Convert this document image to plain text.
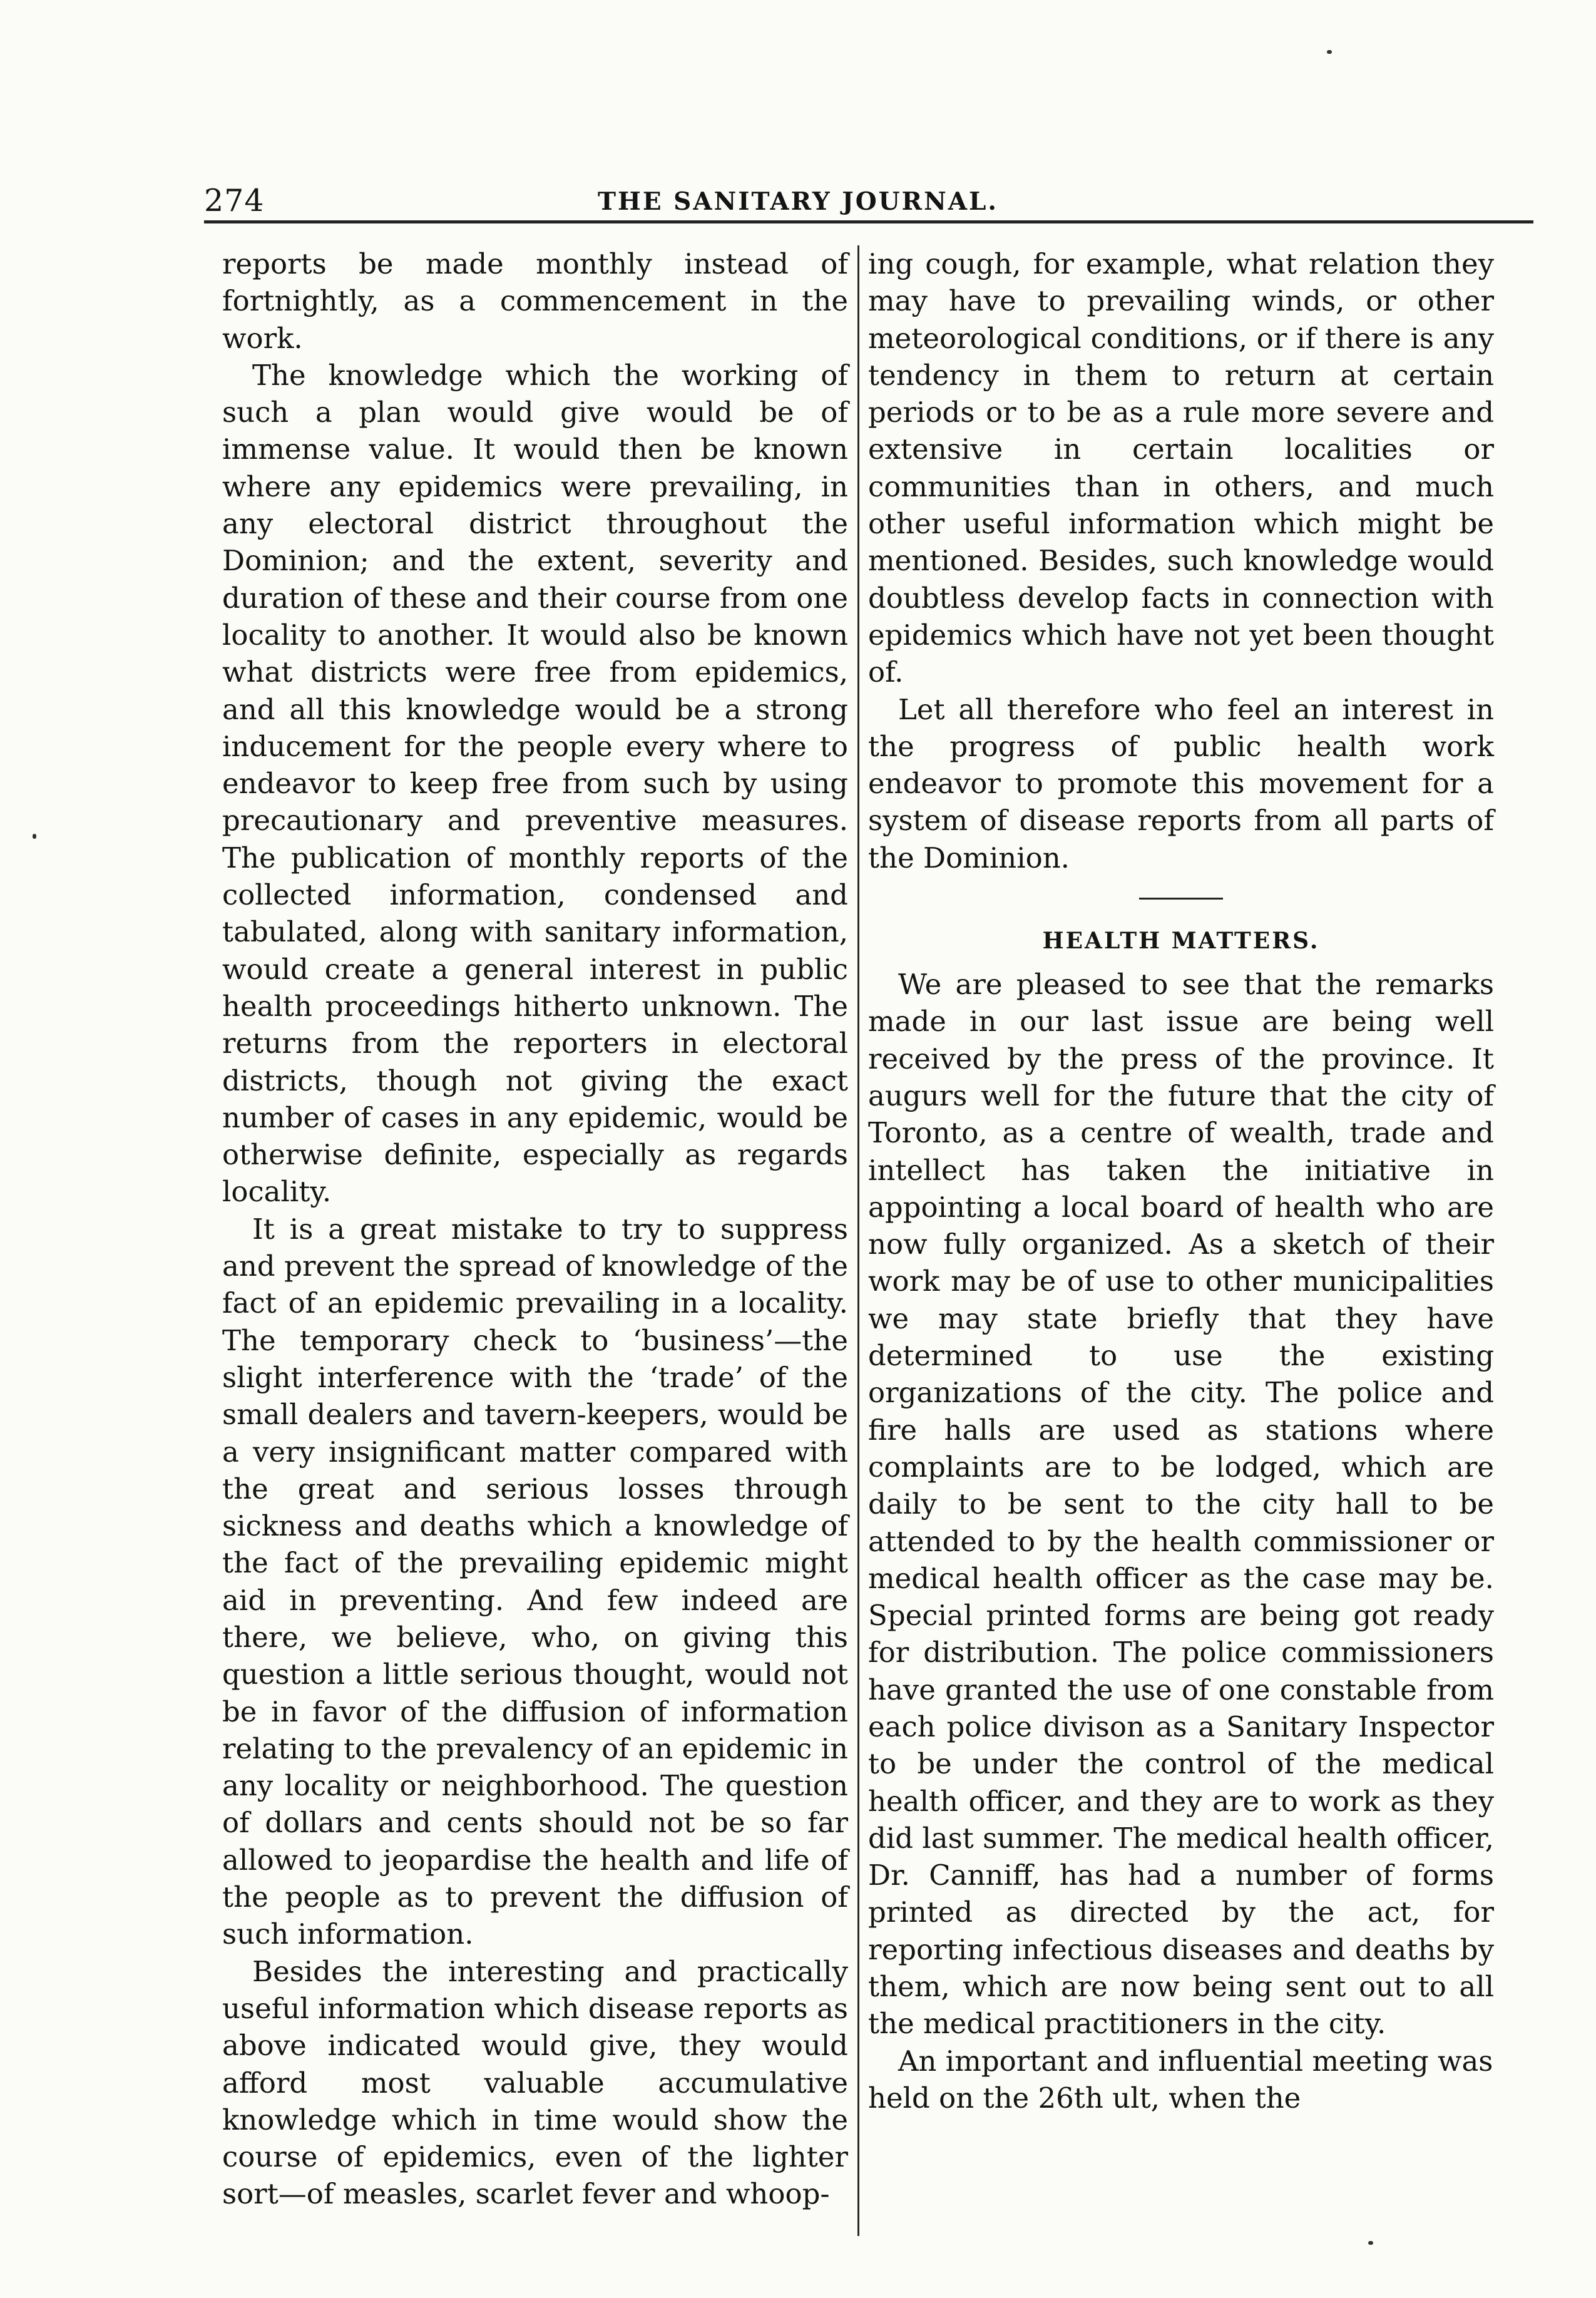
274	THE SANITARY JOURNAL.

reports be made monthly instead of fortnightly, as a commencement in the work.

The knowledge which the working of such a plan would give would be of immense value. It would then be known where any epidemics were prevailing, in any electoral district throughout the Dominion; and the extent, severity and duration of these and their course from one locality to another. It would also be known what districts were free from epidemics, and all this knowledge would be a strong inducement for the people every where to endeavor to keep free from such by using precautionary and preventive measures. The publication of monthly reports of the collected information, condensed and tabulated, along with sanitary information, would create a general interest in public health proceedings hitherto unknown. The returns from the reporters in electoral districts, though not giving the exact number of cases in any epidemic, would be otherwise definite, especially as regards locality.

It is a great mistake to try to suppress and prevent the spread of knowledge of the fact of an epidemic prevailing in a locality. The temporary check to ‘business’—the slight interference with the ‘trade’ of the small dealers and tavern-keepers, would be a very insignificant matter compared with the great and serious losses through sickness and deaths which a knowledge of the fact of the prevailing epidemic might aid in preventing. And few indeed are there, we believe, who, on giving this question a little serious thought, would not be in favor of the diffusion of information relating to the prevalency of an epidemic in any locality or neighborhood. The question of dollars and cents should not be so far allowed to jeopardise the health and life of the people as to prevent the diffusion of such information.

Besides the interesting and practically useful information which disease reports as above indicated would give, they would afford most valuable accumulative knowledge which in time would show the course of epidemics, even of the lighter sort—of measles, scarlet fever and whoop-

ing cough, for example, what relation they may have to prevailing winds, or other meteorological conditions, or if there is any tendency in them to return at certain periods or to be as a rule more severe and extensive in certain localities or communities than in others, and much other useful information which might be mentioned. Besides, such knowledge would doubtless develop facts in connection with epidemics which have not yet been thought of.

Let all therefore who feel an interest in the progress of public health work endeavor to promote this movement for a system of disease reports from all parts of the Dominion.

HEALTH MATTERS.

We are pleased to see that the remarks made in our last issue are being well received by the press of the province. It augurs well for the future that the city of Toronto, as a centre of wealth, trade and intellect has taken the initiative in appointing a local board of health who are now fully organized. As a sketch of their work may be of use to other municipalities we may state briefly that they have determined to use the existing organizations of the city. The police and fire halls are used as stations where complaints are to be lodged, which are daily to be sent to the city hall to be attended to by the health commissioner or medical health officer as the case may be. Special printed forms are being got ready for distribution. The police commissioners have granted the use of one constable from each police divison as a Sanitary Inspector to be under the control of the medical health officer, and they are to work as they did last summer. The medical health officer, Dr. Canniff, has had a number of forms printed as directed by the act, for reporting infectious diseases and deaths by them, which are now being sent out to all the medical practitioners in the city.

An important and influential meeting was held on the 26th ult, when the
